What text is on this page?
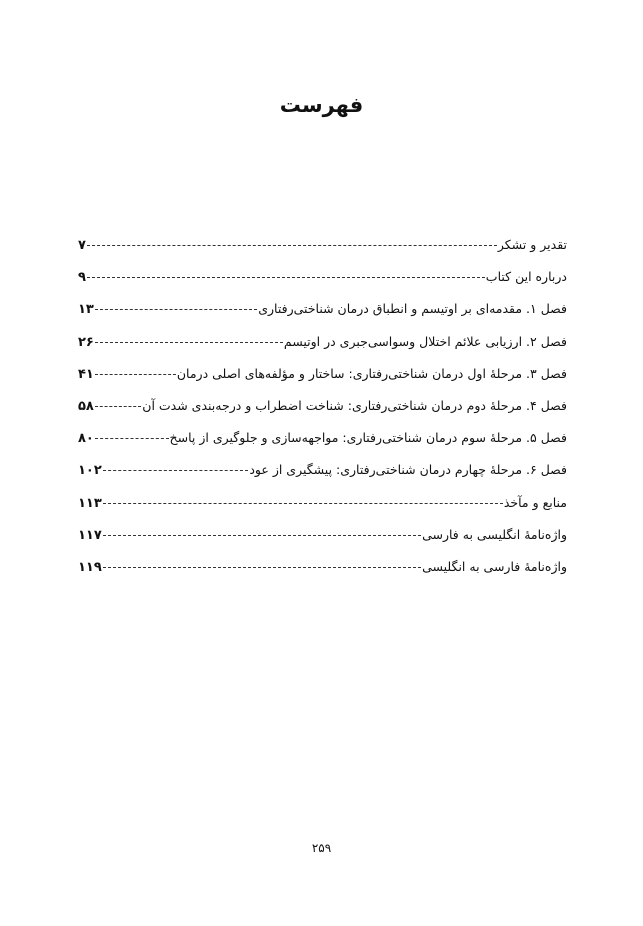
فهرست
تقدیر و تشکر
۷
درباره این کتاب
۹
فصل ۱. مقدمه‌ای بر اوتیسم و انطباق درمان شناختی‌رفتاری
۱۳
فصل ۲. ارزیابی علائم اختلال وسواسی‌جبری در اوتیسم
۲۶
فصل ۳. مرحلهٔ اول درمان شناختی‌رفتاری: ساختار و مؤلفه‌های اصلی درمان
۴۱
فصل ۴. مرحلهٔ دوم درمان شناختی‌رفتاری: شناخت اضطراب و درجه‌بندی شدت آن
۵۸
فصل ۵. مرحلهٔ سوم درمان شناختی‌رفتاری: مواجهه‌سازی و جلوگیری از پاسخ
۸۰
فصل ۶. مرحلهٔ چهارم درمان شناختی‌رفتاری: پیشگیری از عود
۱۰۲
منابع و مآخذ
۱۱۳
واژه‌نامهٔ انگلیسی به فارسی
۱۱۷
واژه‌نامهٔ فارسی به انگلیسی
۱۱۹
۲۵۹
